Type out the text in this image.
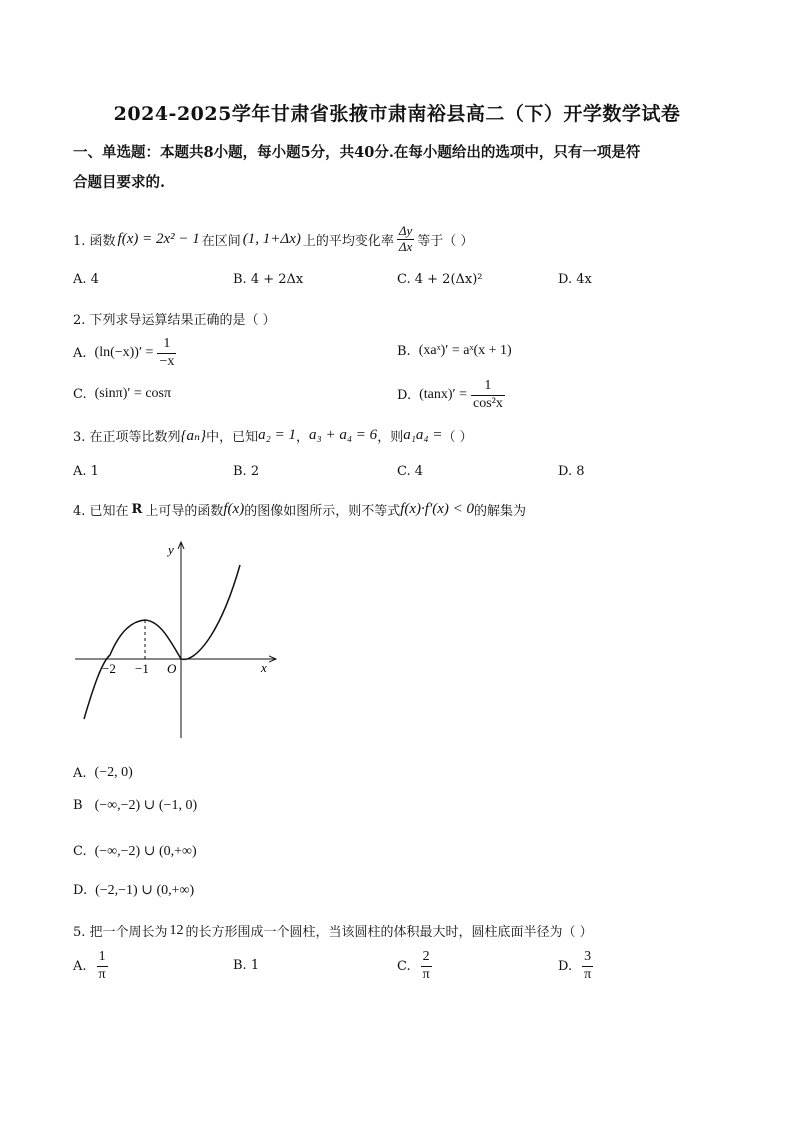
2024-2025学年甘肃省张掖市肃南裕县高二（下）开学数学试卷
一、单选题：本题共8小题，每小题5分，共40分.在每小题给出的选项中，只有一项是符
合题目要求的.
1. 函数 f(x) = 2x² − 1 在区间 (1, 1+Δx) 上的平均变化率 $\frac{\Delta y}{\Delta x}$ 等于（ ）
A. 4	B. 4 + 2Δx	C. 4 + 2(Δx)²	D. 4x
2. 下列求导运算结果正确的是（ ）
A. $(\ln(-x))' = \frac{1}{-x}$	B. (xaˣ)′ = aˣ(x + 1)
C. (sinπ)′ = cosπ	D. $(\tan x)' = \frac{1}{\text{cos²x}}$
3. 在正项等比数列 {aₙ} 中，已知 a₂ = 1 ， a₃ + a₄ = 6 ，则 a₁a₄ = （ ）
A. 1	B. 2	C. 4	D. 8
4. 已知在 R 上可导的函数 f(x) 的图像如图所示，则不等式 f(x)·f′(x) < 0 的解集为
y
x
O
−2 −1
A. (−2, 0)
B (−∞,−2) ∪ (−1, 0)
C. (−∞,−2) ∪ (0,+∞)
D. (−2,−1) ∪ (0,+∞)
5. 把一个周长为 12 的长方形围成一个圆柱，当该圆柱的体积最大时，圆柱底面半径为（ ）
A. $\frac{1}{\pi}$	B. 1	C. $\frac{2}{\pi}$	D. $\frac{3}{\pi}$
